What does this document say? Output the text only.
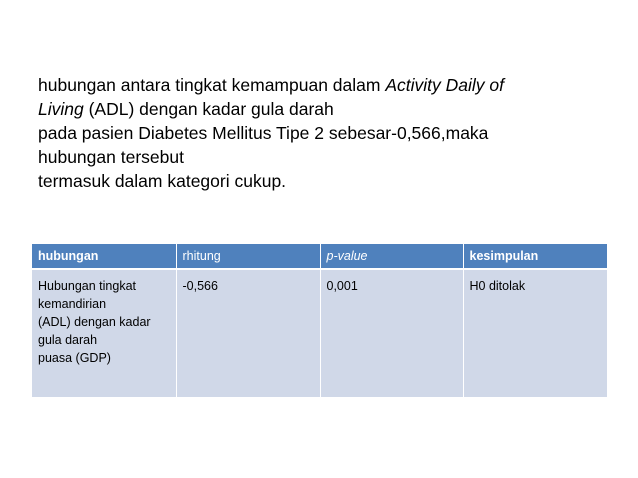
hubungan antara tingkat kemampuan dalam Activity Daily of
Living (ADL) dengan kadar gula darah
pada pasien Diabetes Mellitus Tipe 2 sebesar-0,566,maka
hubungan tersebut
termasuk dalam kategori cukup.
hubungan	rhitung	p-value	kesimpulan

Hubungan tingkat
kemandirian
(ADL) dengan kadar
gula darah
puasa (GDP)	-0,566	0,001	H0 ditolak
